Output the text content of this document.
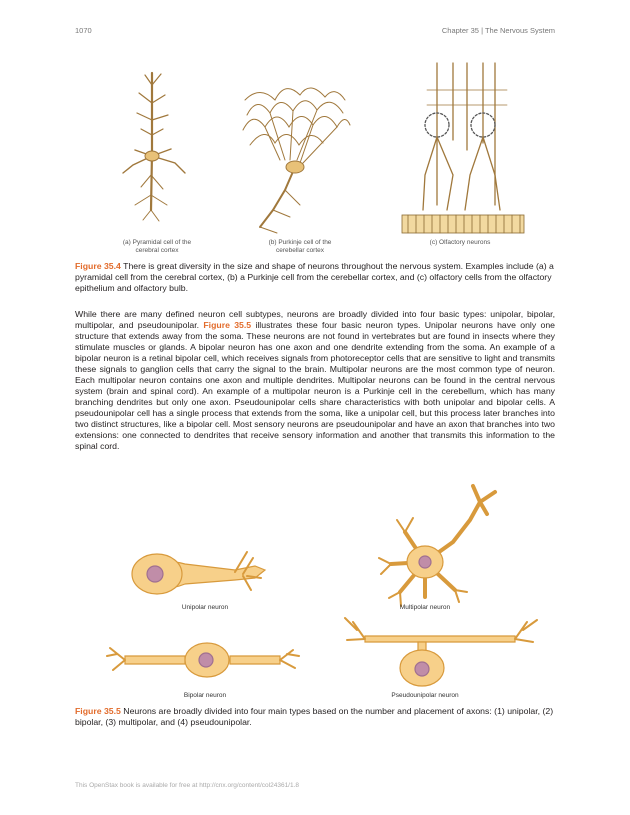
1070	Chapter 35 | The Nervous System
(a) Pyramidal cell of the
cerebral cortex
(b) Purkinje cell of the
cerebellar cortex
(c) Olfactory neurons
Figure 35.4 There is great diversity in the size and shape of neurons throughout the nervous system. Examples include (a) a pyramidal cell from the cerebral cortex, (b) a Purkinje cell from the cerebellar cortex, and (c) olfactory cells from the olfactory epithelium and olfactory bulb.

While there are many defined neuron cell subtypes, neurons are broadly divided into four basic types: unipolar, bipolar, multipolar, and pseudounipolar. Figure 35.5 illustrates these four basic neuron types. Unipolar neurons have only one structure that extends away from the soma. These neurons are not found in vertebrates but are found in insects where they stimulate muscles or glands. A bipolar neuron has one axon and one dendrite extending from the soma. An example of a bipolar neuron is a retinal bipolar cell, which receives signals from photoreceptor cells that are sensitive to light and transmits these signals to ganglion cells that carry the signal to the brain. Multipolar neurons are the most common type of neuron. Each multipolar neuron contains one axon and multiple dendrites. Multipolar neurons can be found in the central nervous system (brain and spinal cord). An example of a multipolar neuron is a Purkinje cell in the cerebellum, which has many branching dendrites but only one axon. Pseudounipolar cells share characteristics with both unipolar and bipolar cells. A pseudounipolar cell has a single process that extends from the soma, like a unipolar cell, but this process later branches into two distinct structures, like a bipolar cell. Most sensory neurons are pseudounipolar and have an axon that branches into two extensions: one connected to dendrites that receive sensory information and another that transmits this information to the spinal cord.

Unipolar neuron	Multipolar neuron
Bipolar neuron	Pseudounipolar neuron
Figure 35.5 Neurons are broadly divided into four main types based on the number and placement of axons: (1) unipolar, (2) bipolar, (3) multipolar, and (4) pseudounipolar.
This OpenStax book is available for free at http://cnx.org/content/col24361/1.8
